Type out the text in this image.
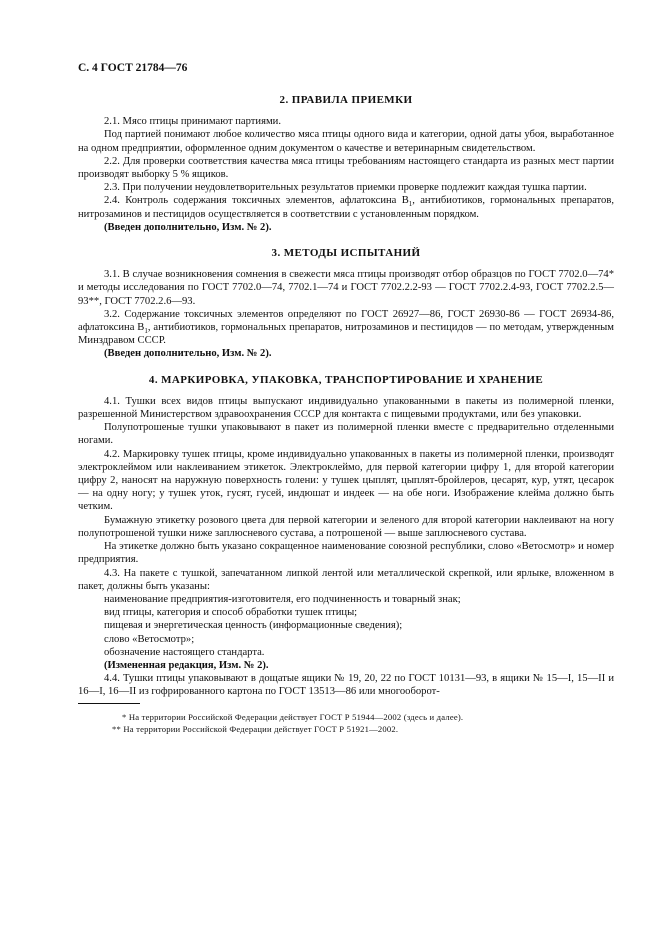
С. 4 ГОСТ 21784—76
2. ПРАВИЛА ПРИЕМКИ

2.1. Мясо птицы принимают партиями.

Под партией понимают любое количество мяса птицы одного вида и категории, одной даты убоя, выработанное на одном предприятии, оформленное одним документом о качестве и ветеринарным свидетельством.

2.2. Для проверки соответствия качества мяса птицы требованиям настоящего стандарта из разных мест партии производят выборку 5 % ящиков.

2.3. При получении неудовлетворительных результатов приемки проверке подлежит каждая тушка партии.

2.4. Контроль содержания токсичных элементов, афлатоксина $B_1$, антибиотиков, гормональных препаратов, нитрозаминов и пестицидов осуществляется в соответствии с установленным порядком.

(Введен дополнительно, Изм. № 2).

3. МЕТОДЫ ИСПЫТАНИЙ

3.1. В случае возникновения сомнения в свежести мяса птицы производят отбор образцов по ГОСТ 7702.0—74* и методы исследования по ГОСТ 7702.0—74, 7702.1—74 и ГОСТ 7702.2.2-93 — ГОСТ 7702.2.4-93, ГОСТ 7702.2.5—93**, ГОСТ 7702.2.6—93.

3.2. Содержание токсичных элементов определяют по ГОСТ 26927—86, ГОСТ 26930-86 — ГОСТ 26934-86, афлатоксина $B_1$, антибиотиков, гормональных препаратов, нитрозаминов и пестицидов — по методам, утвержденным Минздравом СССР.

(Введен дополнительно, Изм. № 2).

4. МАРКИРОВКА, УПАКОВКА, ТРАНСПОРТИРОВАНИЕ И ХРАНЕНИЕ

4.1. Тушки всех видов птицы выпускают индивидуально упакованными в пакеты из полимерной пленки, разрешенной Министерством здравоохранения СССР для контакта с пищевыми продуктами, или без упаковки.

Полупотрошеные тушки упаковывают в пакет из полимерной пленки вместе с предварительно отделенными ногами.

4.2. Маркировку тушек птицы, кроме индивидуально упакованных в пакеты из полимерной пленки, производят электроклеймом или наклеиванием этикеток. Электроклеймо, для первой категории цифру 1, для второй категории цифру 2, наносят на наружную поверхность голени: у тушек цыплят, цыплят-бройлеров, цесарят, кур, утят, цесарок — на одну ногу; у тушек уток, гусят, гусей, индюшат и индеек — на обе ноги. Изображение клейма должно быть четким.

Бумажную этикетку розового цвета для первой категории и зеленого для второй категории наклеивают на ногу полупотрошеной тушки ниже заплюсневого сустава, а потрошеной — выше заплюсневого сустава.

На этикетке должно быть указано сокращенное наименование союзной республики, слово «Ветосмотр» и номер предприятия.

4.3. На пакете с тушкой, запечатанном липкой лентой или металлической скрепкой, или ярлыке, вложенном в пакет, должны быть указаны:

наименование предприятия-изготовителя, его подчиненность и товарный знак;

вид птицы, категория и способ обработки тушек птицы;

пищевая и энергетическая ценность (информационные сведения);

слово «Ветосмотр»;

обозначение настоящего стандарта.

(Измененная редакция, Изм. № 2).

4.4. Тушки птицы упаковывают в дощатые ящики № 19, 20, 22 по ГОСТ 10131—93, в ящики № 15—I, 15—II и 16—I, 16—II из гофрированного картона по ГОСТ 13513—86 или многооборот-

* На территории Российской Федерации действует ГОСТ Р 51944—2002 (здесь и далее).

** На территории Российской Федерации действует ГОСТ Р 51921—2002.
